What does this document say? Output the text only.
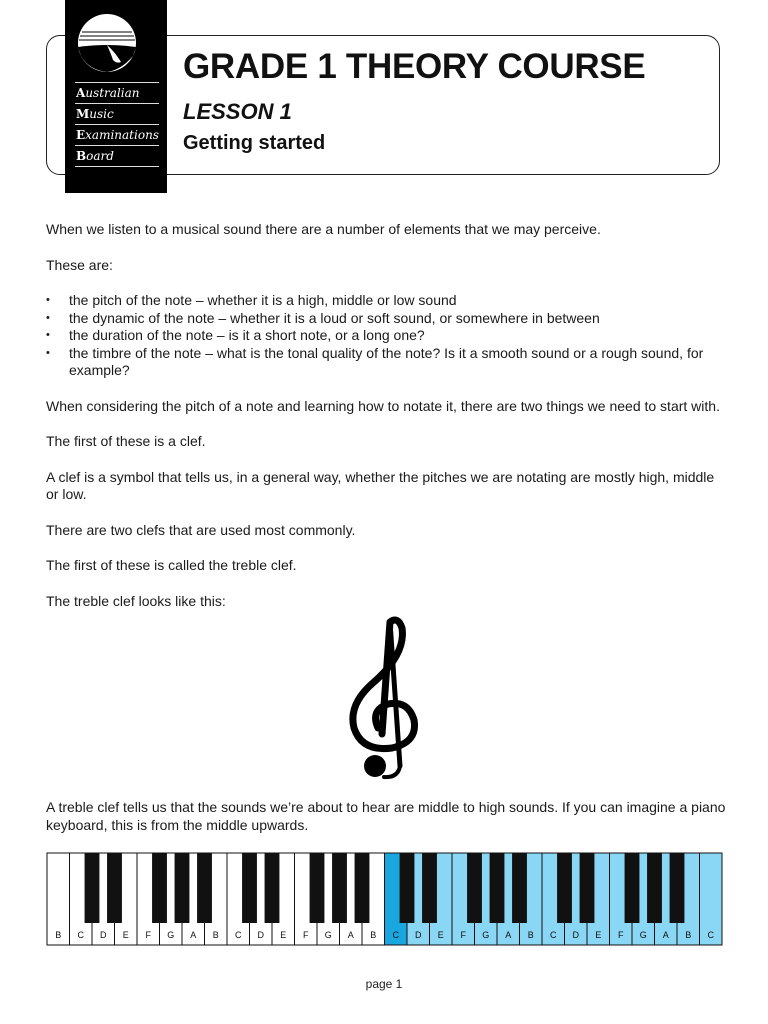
Australian
Music
Examinations
Board
GRADE 1 THEORY COURSE
LESSON 1
Getting started

When we listen to a musical sound there are a number of elements that we may perceive.

These are:

• the pitch of the note – whether it is a high, middle or low sound
• the dynamic of the note – whether it is a loud or soft sound, or somewhere in between
• the duration of the note – is it a short note, or a long one?
• the timbre of the note – what is the tonal quality of the note? Is it a smooth sound or a rough sound, for example?

When considering the pitch of a note and learning how to notate it, there are two things we need to start with.

The first of these is a clef.

A clef is a symbol that tells us, in a general way, whether the pitches we are notating are mostly high, middle or low.

There are two clefs that are used most commonly.

The first of these is called the treble clef.

The treble clef looks like this:

A treble clef tells us that the sounds we’re about to hear are middle to high sounds. If you can imagine a piano keyboard, this is from the middle upwards.

B C D E F G A B C D E F G A B C D E F G A B C D E F G A B C
page 1
